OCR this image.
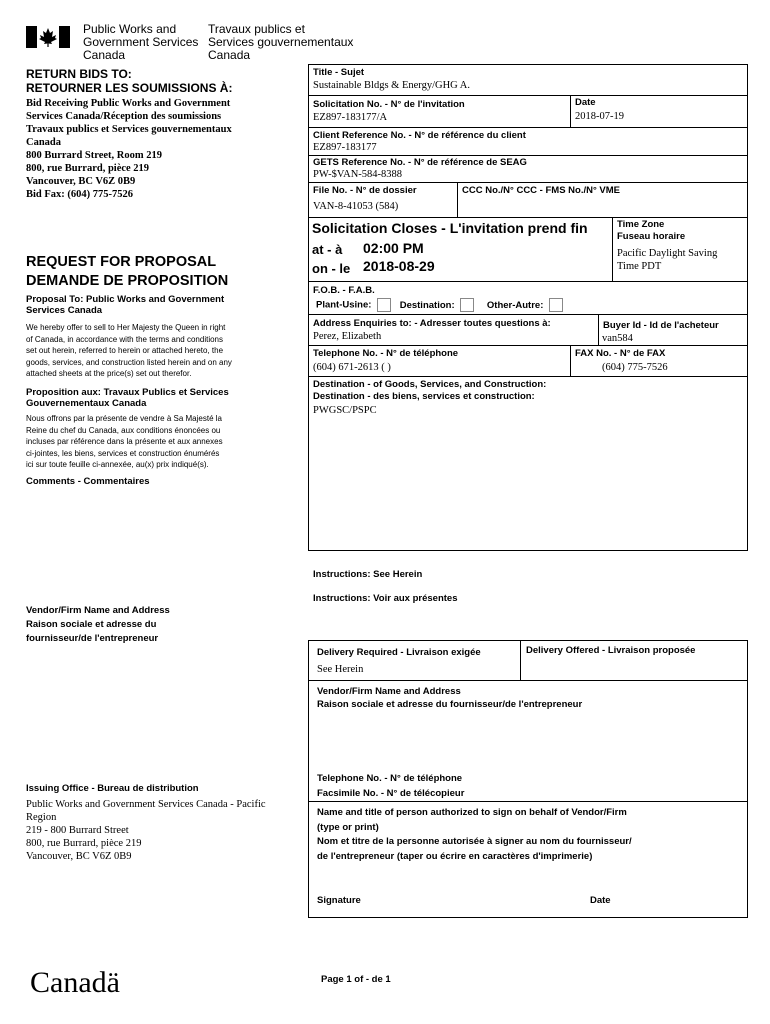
Public Works and
Government Services
Canada
Travaux publics et
Services gouvernementaux
Canada
RETURN BIDS TO:
RETOURNER LES SOUMISSIONS À:
Bid Receiving Public Works and Government
Services Canada/Réception des soumissions
Travaux publics et Services gouvernementaux
Canada
800 Burrard Street, Room 219
800, rue Burrard, pièce 219
Vancouver, BC V6Z 0B9
Bid Fax: (604) 775-7526
REQUEST FOR PROPOSAL
DEMANDE DE PROPOSITION
Proposal To: Public Works and Government
Services Canada
We hereby offer to sell to Her Majesty the Queen in right
of Canada, in accordance with the terms and conditions
set out herein, referred to herein or attached hereto, the
goods, services, and construction listed herein and on any
attached sheets at the price(s) set out therefor.
Proposition aux: Travaux Publics et Services
Gouvernementaux Canada
Nous offrons par la présente de vendre à Sa Majesté la
Reine du chef du Canada, aux conditions énoncées ou
incluses par référence dans la présente et aux annexes
ci-jointes, les biens, services et construction énumérés
ici sur toute feuille ci-annexée, au(x) prix indiqué(s).
Comments - Commentaires
Vendor/Firm Name and Address
Raison sociale et adresse du
fournisseur/de l'entrepreneur
Issuing Office - Bureau de distribution
Public Works and Government Services Canada - Pacific
Region
219 - 800 Burrard Street
800, rue Burrard, pièce 219
Vancouver, BC V6Z 0B9
Title - Sujet
Sustainable Bldgs & Energy/GHG A.
Solicitation No. - N° de l'invitation
EZ897-183177/A
Date
2018-07-19
Client Reference No. - N° de référence du client
EZ897-183177
GETS Reference No. - N° de référence de SEAG
PW-$VAN-584-8388
File No. - N° de dossier
VAN-8-41053 (584)
CCC No./N° CCC - FMS No./N° VME
Solicitation Closes - L'invitation prend fin
at - à 02:00 PM
on - le 2018-08-29
Time Zone
Fuseau horaire
Pacific Daylight Saving
Time PDT
F.O.B. - F.A.B.
Plant-Usine:	Destination:	Other-Autre:
Address Enquiries to: - Adresser toutes questions à:
Perez, Elizabeth
Buyer Id - Id de l'acheteur
van584
Telephone No. - N° de téléphone
(604) 671-2613 ( )
FAX No. - N° de FAX
(604) 775-7526
Destination - of Goods, Services, and Construction:
Destination - des biens, services et construction:
PWGSC/PSPC
Instructions: See Herein
Instructions: Voir aux présentes
Delivery Required - Livraison exigée
See Herein
Delivery Offered - Livraison proposée
Vendor/Firm Name and Address
Raison sociale et adresse du fournisseur/de l'entrepreneur
Telephone No. - N° de téléphone
Facsimile No. - N° de télécopieur
Name and title of person authorized to sign on behalf of Vendor/Firm
(type or print)
Nom et titre de la personne autorisée à signer au nom du fournisseur/
de l'entrepreneur (taper ou écrire en caractères d'imprimerie)
Signature	Date
Canadä	Page 1 of - de 1
